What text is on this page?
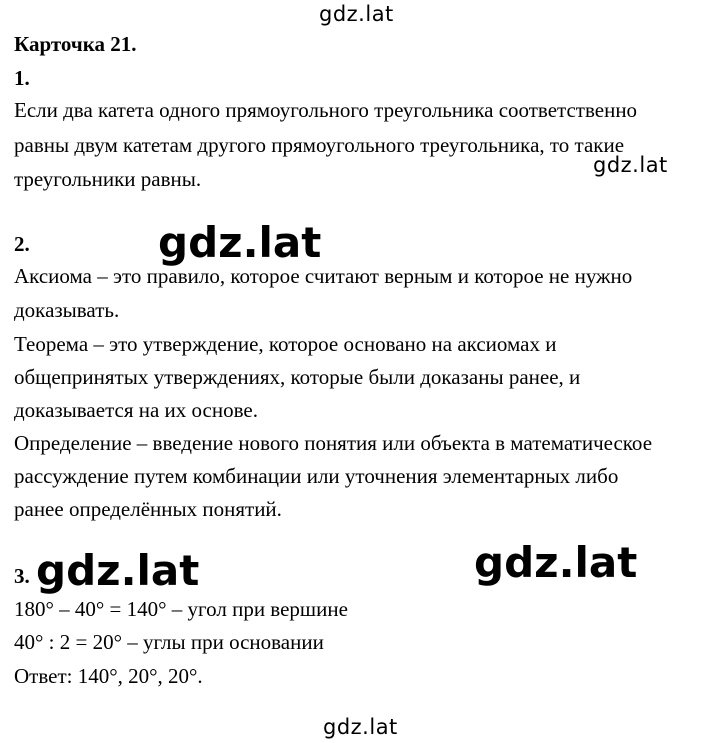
Карточка 21.
1.
Если два катета одного прямоугольного треугольника соответственно
равны двум катетам другого прямоугольного треугольника, то такие
треугольники равны.
2.
Аксиома – это правило, которое считают верным и которое не нужно
доказывать.
Теорема – это утверждение, которое основано на аксиомах и
общепринятых утверждениях, которые были доказаны ранее, и
доказывается на их основе.
Определение – введение нового понятия или объекта в математическое
рассуждение путем комбинации или уточнения элементарных либо
ранее определённых понятий.
3.
180° – 40° = 140° – угол при вершине
40° : 2 = 20° – углы при основании
Ответ: 140°, 20°, 20°.
gdz.lat
gdz.lat
gdz.lat
gdz.lat	gdz.lat
gdz.lat
